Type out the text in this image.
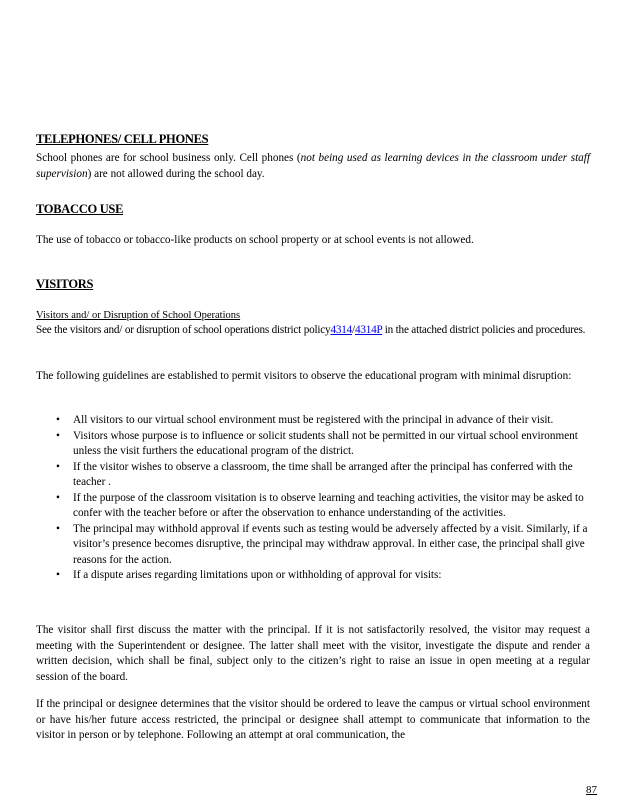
TELEPHONES/ CELL PHONES
School phones are for school business only. Cell phones (not being used as learning devices in the classroom under staff supervision) are not allowed during the school day.
TOBACCO USE
The use of tobacco or tobacco-like products on school property or at school events is not allowed.
VISITORS
Visitors and/ or Disruption of School Operations
See the visitors and/ or disruption of school operations district policy4314/4314P in the attached district policies and procedures.
The following guidelines are established to permit visitors to observe the educational program with minimal disruption:
• All visitors to our virtual school environment must be registered with the principal in advance of their visit.
• Visitors whose purpose is to influence or solicit students shall not be permitted in our virtual school environment unless the visit furthers the educational program of the district.
• If the visitor wishes to observe a classroom, the time shall be arranged after the principal has conferred with the teacher .
• If the purpose of the classroom visitation is to observe learning and teaching activities, the visitor may be asked to confer with the teacher before or after the observation to enhance understanding of the activities.
• The principal may withhold approval if events such as testing would be adversely affected by a visit. Similarly, if a visitor’s presence becomes disruptive, the principal may withdraw approval. In either case, the principal shall give reasons for the action.
• If a dispute arises regarding limitations upon or withholding of approval for visits:
The visitor shall first discuss the matter with the principal. If it is not satisfactorily resolved, the visitor may request a meeting with the Superintendent or designee. The latter shall meet with the visitor, investigate the dispute and render a written decision, which shall be final, subject only to the citizen’s right to raise an issue in open meeting at a regular session of the board.
If the principal or designee determines that the visitor should be ordered to leave the campus or virtual school environment or have his/her future access restricted, the principal or designee shall attempt to communicate that information to the visitor in person or by telephone. Following an attempt at oral communication, the
87
